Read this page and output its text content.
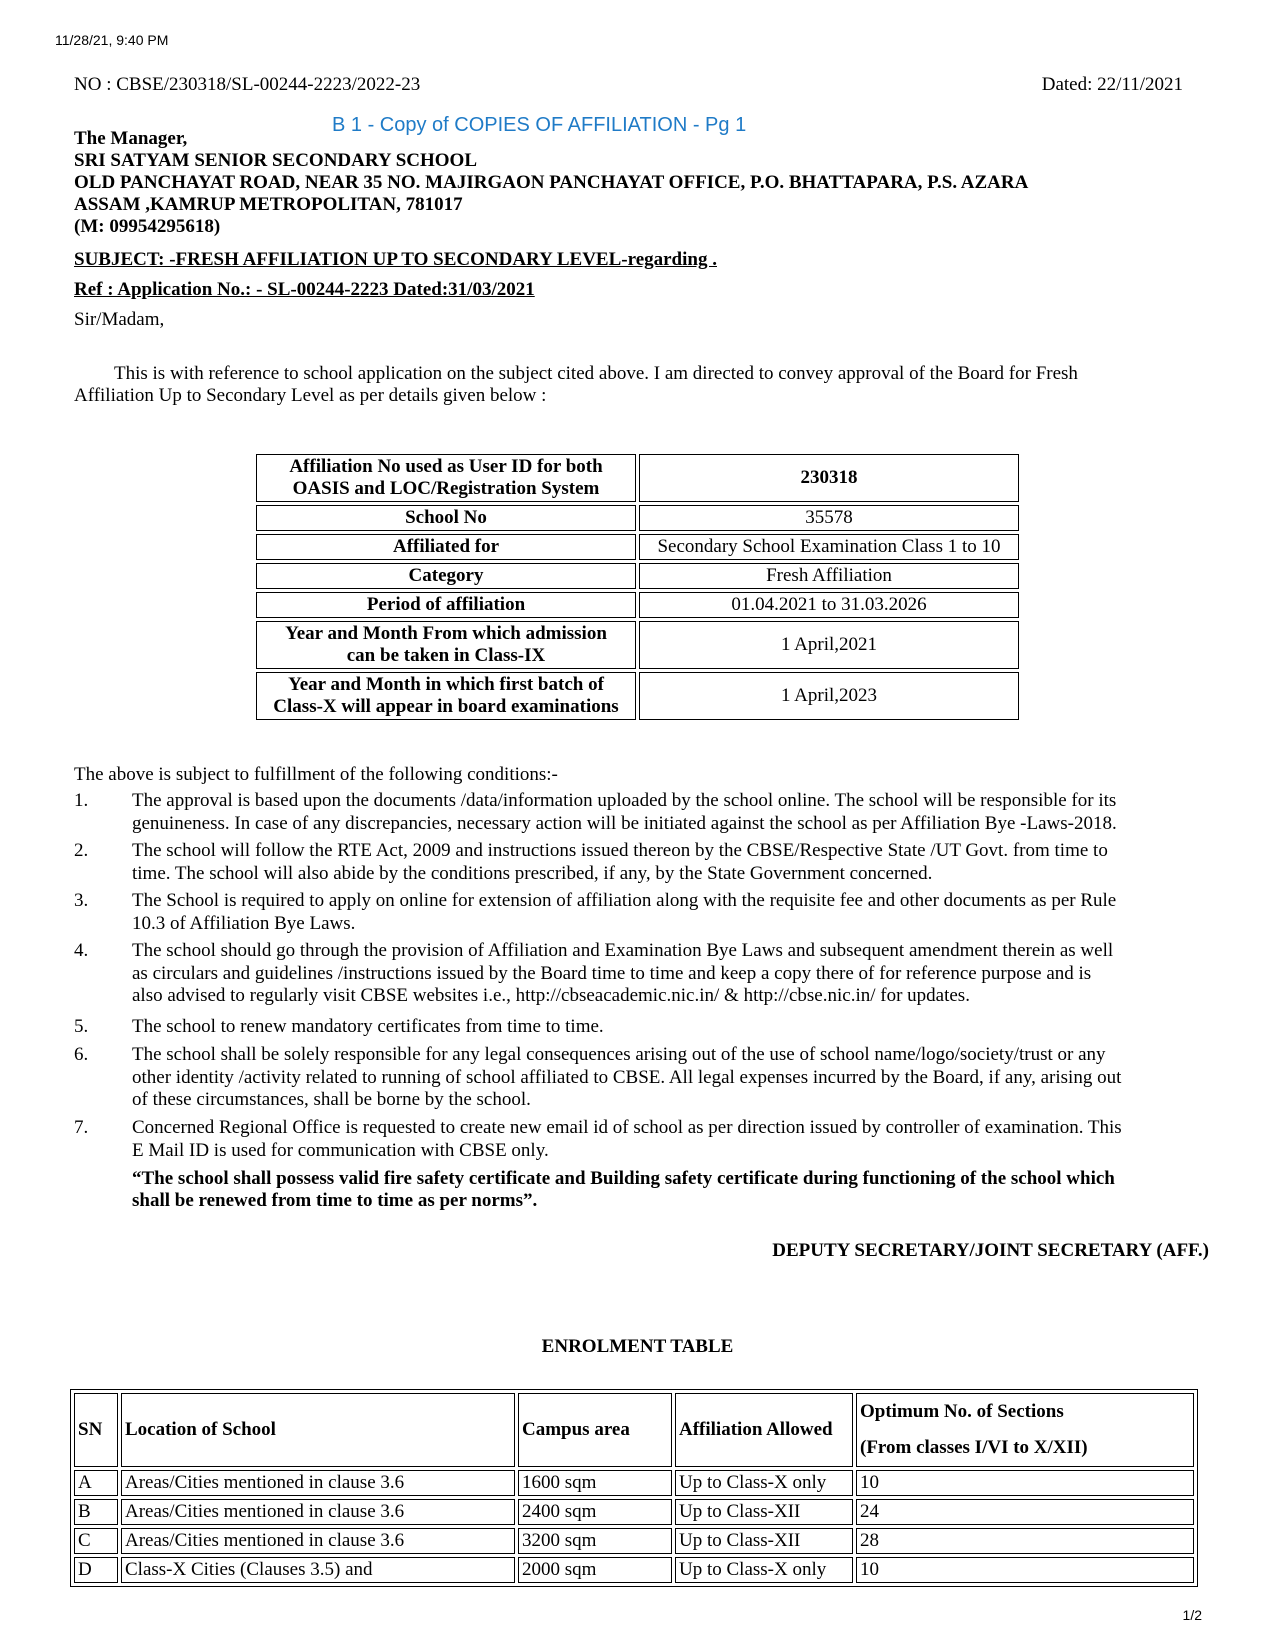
11/28/21, 9:40 PM
1/2
NO : CBSE/230318/SL-00244-2223/2022-23	Dated: 22/11/2021
B 1 - Copy of COPIES OF AFFILIATION - Pg 1
The Manager,
SRI SATYAM SENIOR SECONDARY SCHOOL
OLD PANCHAYAT ROAD, NEAR 35 NO. MAJIRGAON PANCHAYAT OFFICE, P.O. BHATTAPARA, P.S. AZARA
ASSAM ,KAMRUP METROPOLITAN, 781017
(M: 09954295618)
SUBJECT: -FRESH AFFILIATION UP TO SECONDARY LEVEL-regarding .
Ref : Application No.: - SL-00244-2223 Dated:31/03/2021
Sir/Madam,
This is with reference to school application on the subject cited above. I am directed to convey approval of the Board for Fresh
Affiliation Up to Secondary Level as per details given below :
Affiliation No used as User ID for both
OASIS and LOC/Registration System	230318
School No	35578
Affiliated for	Secondary School Examination Class 1 to 10
Category	Fresh Affiliation
Period of affiliation	01.04.2021 to 31.03.2026

Year and Month From which admission
can be taken in Class-IX	1 April,2021

Year and Month in which first batch of
Class-X will appear in board examinations	1 April,2023
The above is subject to fulfillment of the following conditions:-
1. The approval is based upon the documents /data/information uploaded by the school online. The school will be responsible for its
genuineness. In case of any discrepancies, necessary action will be initiated against the school as per Affiliation Bye -Laws-2018.
2. The school will follow the RTE Act, 2009 and instructions issued thereon by the CBSE/Respective State /UT Govt. from time to
time. The school will also abide by the conditions prescribed, if any, by the State Government concerned.
3. The School is required to apply on online for extension of affiliation along with the requisite fee and other documents as per Rule
10.3 of Affiliation Bye Laws.
4. The school should go through the provision of Affiliation and Examination Bye Laws and subsequent amendment therein as well
as circulars and guidelines /instructions issued by the Board time to time and keep a copy there of for reference purpose and is
also advised to regularly visit CBSE websites i.e., http://cbseacademic.nic.in/ & http://cbse.nic.in/ for updates.
5. The school to renew mandatory certificates from time to time.
6. The school shall be solely responsible for any legal consequences arising out of the use of school name/logo/society/trust or any
other identity /activity related to running of school affiliated to CBSE. All legal expenses incurred by the Board, if any, arising out
of these circumstances, shall be borne by the school.
7. Concerned Regional Office is requested to create new email id of school as per direction issued by controller of examination. This
E Mail ID is used for communication with CBSE only.
“The school shall possess valid fire safety certificate and Building safety certificate during functioning of the school which
shall be renewed from time to time as per norms”.
DEPUTY SECRETARY/JOINT SECRETARY (AFF.)
ENROLMENT TABLE
SN	Location of School	Campus area	Affiliation Allowed	Optimum No. of Sections
(From classes I/VI to X/XII)

A	Areas/Cities mentioned in clause 3.6	1600 sqm	Up to Class-X only	10
B	Areas/Cities mentioned in clause 3.6	2400 sqm	Up to Class-XII	24
C	Areas/Cities mentioned in clause 3.6	3200 sqm	Up to Class-XII	28
D	Class-X Cities (Clauses 3.5) and	2000 sqm	Up to Class-X only	10
